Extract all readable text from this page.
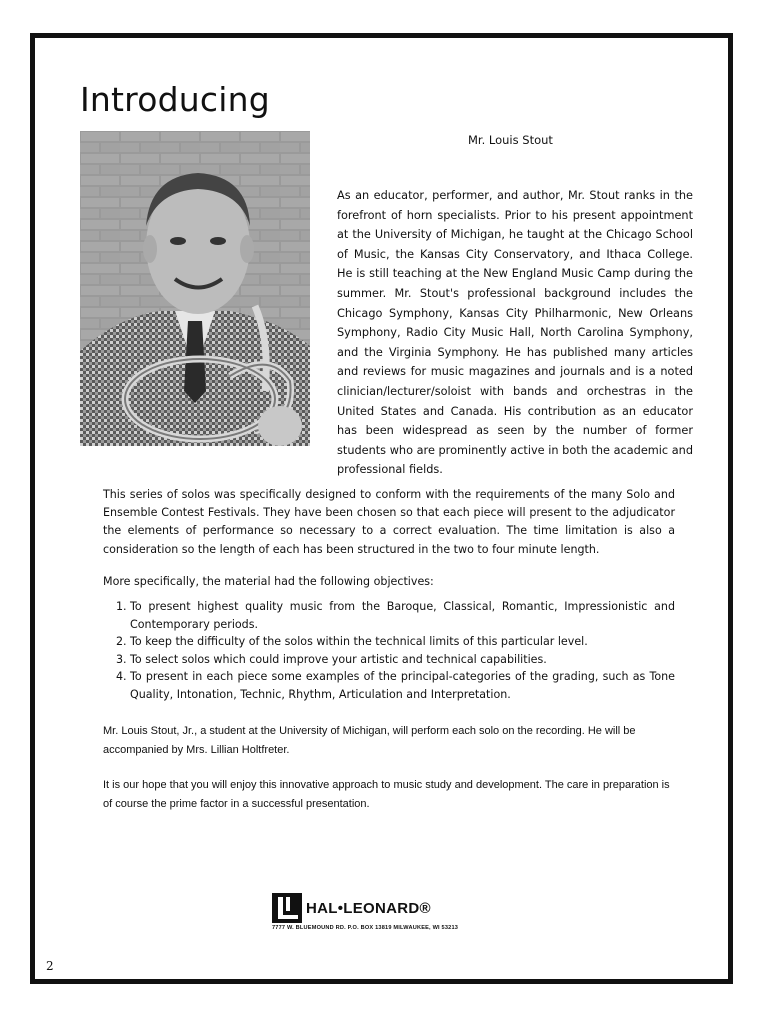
Introducing
Mr. Louis Stout

As an educator, performer, and author, Mr. Stout ranks in the forefront of horn specialists. Prior to his present appointment at the University of Michigan, he taught at the Chicago School of Music, the Kansas City Conservatory, and Ithaca College. He is still teaching at the New England Music Camp during the summer. Mr. Stout's professional background includes the Chicago Symphony, Kansas City Philharmonic, New Orleans Symphony, Radio City Music Hall, North Carolina Symphony, and the Virginia Symphony. He has published many articles and reviews for music magazines and journals and is a noted clinician/lecturer/soloist with bands and orchestras in the United States and Canada. His contribution as an educator has been widespread as seen by the number of former students who are prominently active in both the academic and professional fields.

This series of solos was specifically designed to conform with the requirements of the many Solo and Ensemble Contest Festivals. They have been chosen so that each piece will present to the adjudicator the elements of performance so necessary to a correct evaluation. The time limitation is also a consideration so the length of each has been structured in the two to four minute length.

More specifically, the material had the following objectives:

1. To present highest quality music from the Baroque, Classical, Romantic, Impressionistic and Contemporary periods.
2. To keep the difficulty of the solos within the technical limits of this particular level.
3. To select solos which could improve your artistic and technical capabilities.
4. To present in each piece some examples of the principal-categories of the grading, such as Tone Quality, Intonation, Technic, Rhythm, Articulation and Interpretation.

Mr. Louis Stout, Jr., a student at the University of Michigan, will perform each solo on the recording. He will be accompanied by Mrs. Lillian Holtfreter.

It is our hope that you will enjoy this innovative approach to music study and development. The care in preparation is of course the prime factor in a successful presentation.

HAL•LEONARD®
7777 W. BLUEMOUND RD. P.O. BOX 13819 MILWAUKEE, WI 53213
2
